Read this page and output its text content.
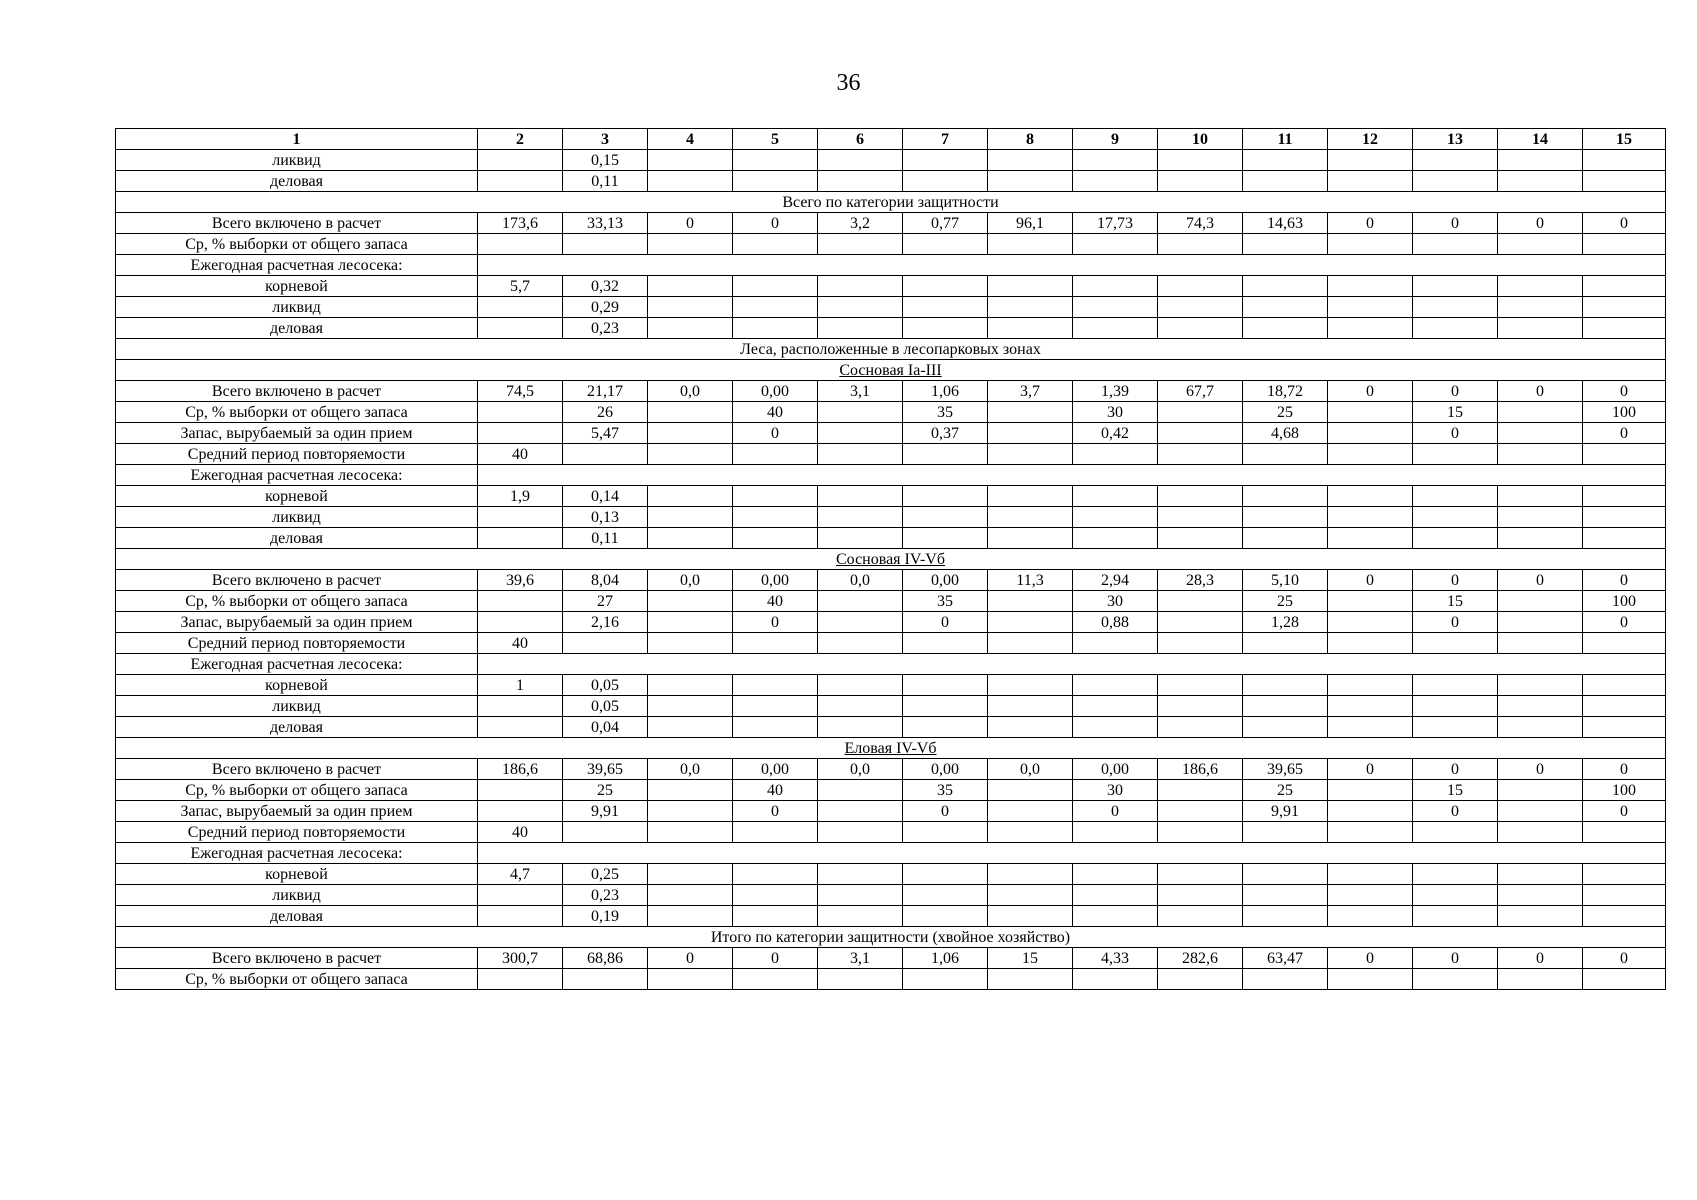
36
1	2	3	4	5	6	7	8	9	10	11	12	13	14	15
ликвид		0,15												
деловая		0,11												
Всего по категории защитности														
Всего включено в расчет	173,6	33,13	0	0	3,2	0,77	96,1	17,73	74,3	14,63	0	0	0	0
Ср, % выборки от общего запаса														
Ежегодная расчетная лесосека:														
корневой	5,7	0,32												
ликвид		0,29												
деловая		0,23												
Леса, расположенные в лесопарковых зонах														
Сосновая Ia-III														
Всего включено в расчет	74,5	21,17	0,0	0,00	3,1	1,06	3,7	1,39	67,7	18,72	0	0	0	0
Ср, % выборки от общего запаса		26		40		35		30		25		15		100
Запас, вырубаемый за один прием		5,47		0		0,37		0,42		4,68		0		0
Средний период повторяемости	40													
Ежегодная расчетная лесосека:														
корневой	1,9	0,14												
ликвид		0,13												
деловая		0,11												
Сосновая IV-Vб														
Всего включено в расчет	39,6	8,04	0,0	0,00	0,0	0,00	11,3	2,94	28,3	5,10	0	0	0	0
Ср, % выборки от общего запаса		27		40		35		30		25		15		100
Запас, вырубаемый за один прием		2,16		0		0		0,88		1,28		0		0
Средний период повторяемости	40													
Ежегодная расчетная лесосека:														
корневой	1	0,05												
ликвид		0,05												
деловая		0,04												
Еловая IV-Vб														
Всего включено в расчет	186,6	39,65	0,0	0,00	0,0	0,00	0,0	0,00	186,6	39,65	0	0	0	0
Ср, % выборки от общего запаса		25		40		35		30		25		15		100
Запас, вырубаемый за один прием		9,91		0		0		0		9,91		0		0
Средний период повторяемости	40													
Ежегодная расчетная лесосека:														
корневой	4,7	0,25												
ликвид		0,23												
деловая		0,19												
Итого по категории защитности (хвойное хозяйство)														
Всего включено в расчет	300,7	68,86	0	0	3,1	1,06	15	4,33	282,6	63,47	0	0	0	0
Ср, % выборки от общего запаса														
